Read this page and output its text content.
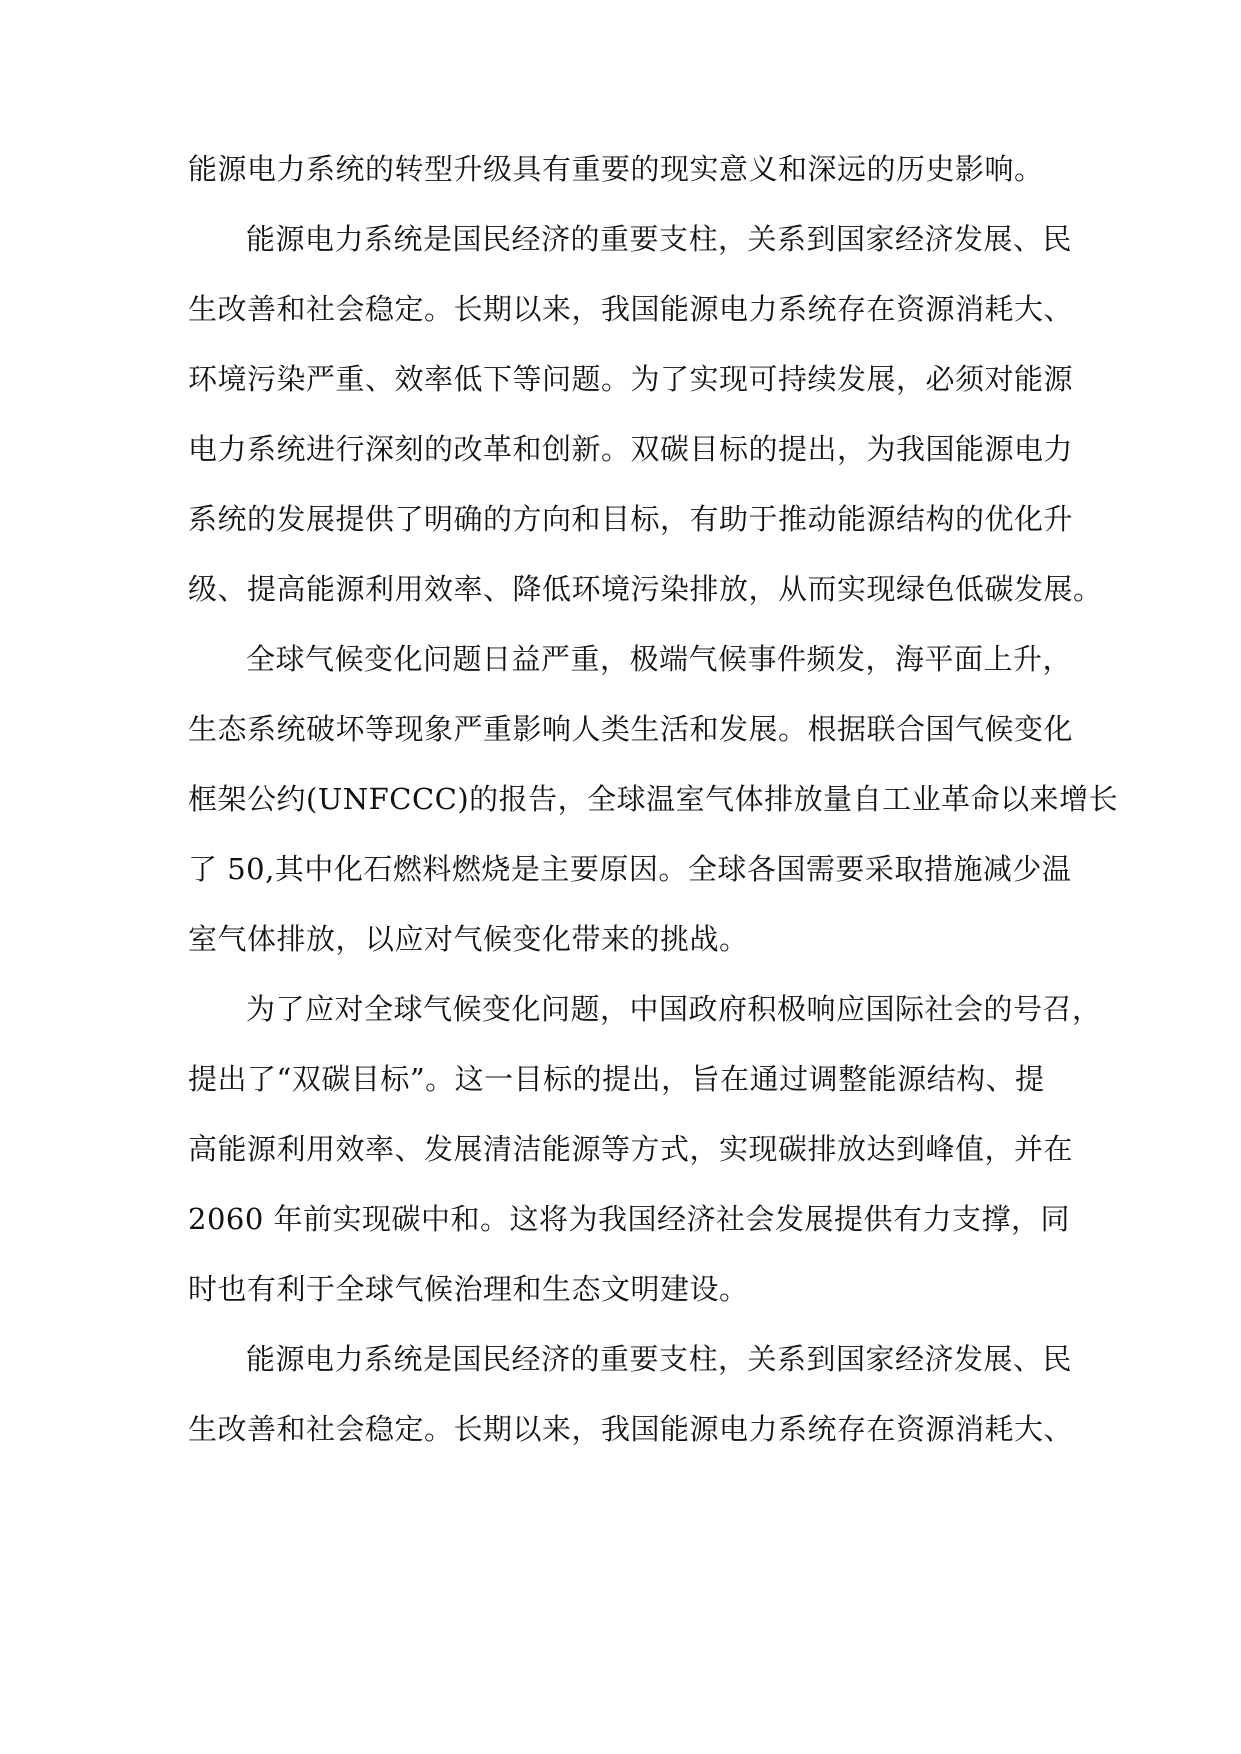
能源电力系统的转型升级具有重要的现实意义和深远的历史影响。
能源电力系统是国民经济的重要支柱，关系到国家经济发展、民
生改善和社会稳定。长期以来，我国能源电力系统存在资源消耗大、
环境污染严重、效率低下等问题。为了实现可持续发展，必须对能源
电力系统进行深刻的改革和创新。双碳目标的提出，为我国能源电力
系统的发展提供了明确的方向和目标，有助于推动能源结构的优化升
级、提高能源利用效率、降低环境污染排放，从而实现绿色低碳发展。
全球气候变化问题日益严重，极端气候事件频发，海平面上升，
生态系统破坏等现象严重影响人类生活和发展。根据联合国气候变化
框架公约(UNFCCC)的报告，全球温室气体排放量自工业革命以来增长
了 50,其中化石燃料燃烧是主要原因。全球各国需要采取措施减少温
室气体排放，以应对气候变化带来的挑战。
为了应对全球气候变化问题，中国政府积极响应国际社会的号召，
提出了“双碳目标”。这一目标的提出，旨在通过调整能源结构、提
高能源利用效率、发展清洁能源等方式，实现碳排放达到峰值，并在
2060 年前实现碳中和。这将为我国经济社会发展提供有力支撑，同
时也有利于全球气候治理和生态文明建设。
能源电力系统是国民经济的重要支柱，关系到国家经济发展、民
生改善和社会稳定。长期以来，我国能源电力系统存在资源消耗大、
